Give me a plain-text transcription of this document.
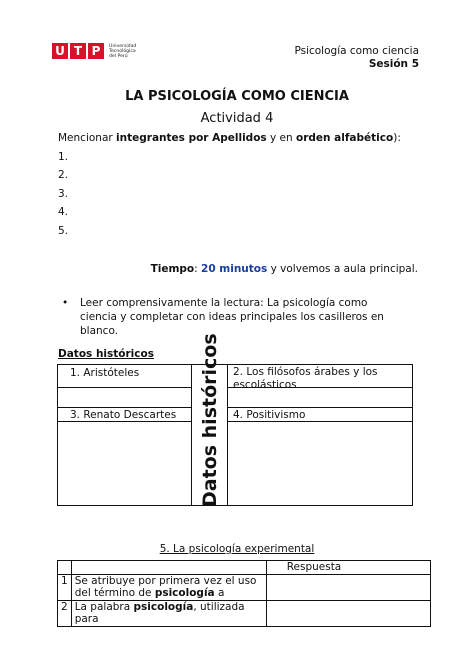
U T P	Universidad
Tecnológica
del Perú	Psicología como ciencia
Sesión 5
LA PSICOLOGÍA COMO CIENCIA
Actividad 4
Mencionar integrantes por Apellidos y en orden alfabético):
1.
2.
3.
4.
5.
Tiempo: 20 minutos y volvemos a aula principal.
• Leer comprensivamente la lectura: La psicología como ciencia y completar con ideas principales los casilleros en blanco.
Datos históricos
1. Aristóteles	Datos históricos	2. Los filósofos árabes y los escolásticos
3. Renato Descartes	4. Positivismo
5. La psicología experimental
		Respuesta
1	Se atribuye por primera vez el uso del término de psicología a	
2	La palabra psicología, utilizada para	
